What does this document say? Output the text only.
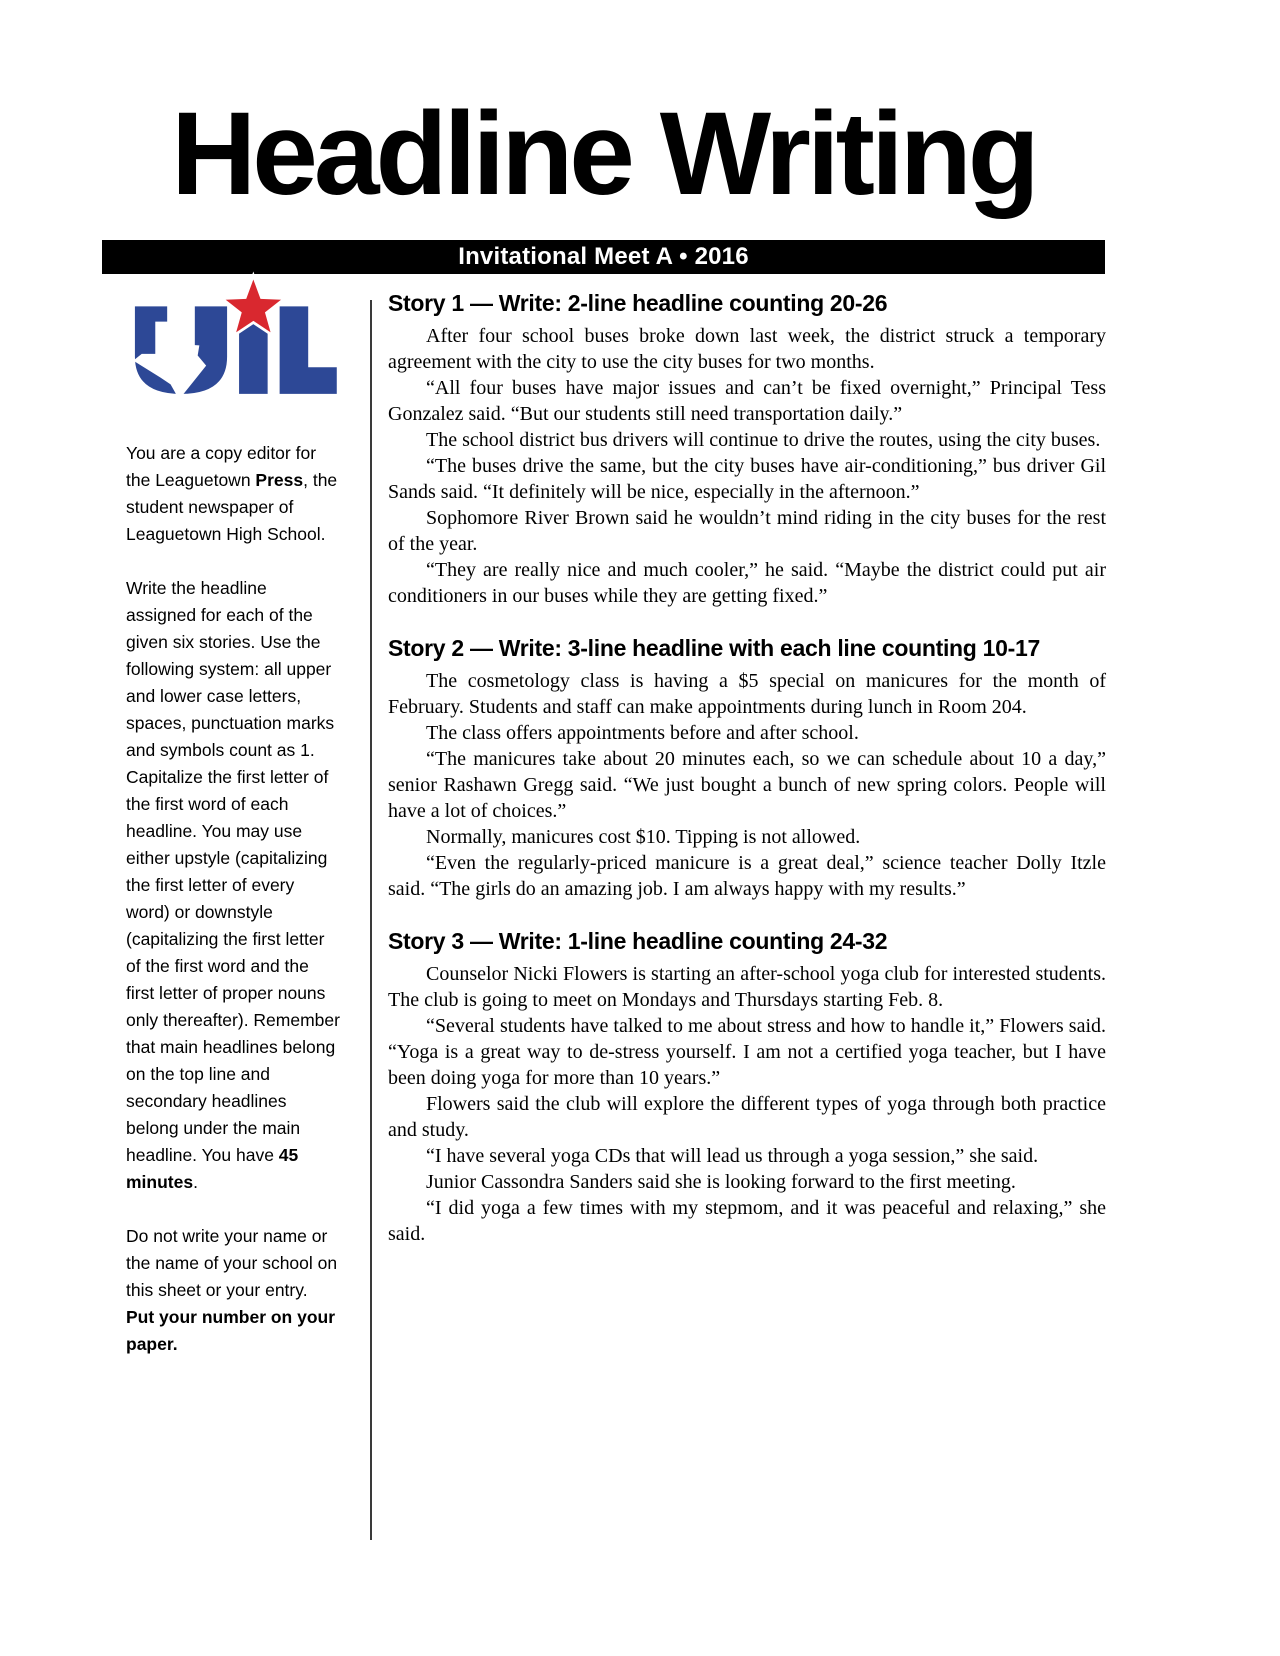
Headline Writing
Invitational Meet A • 2016

You are a copy editor for the Leaguetown Press, the student newspaper of Leaguetown High School.

Write the headline assigned for each of the given six stories. Use the following system: all upper and lower case letters, spaces, punctuation marks and symbols count as 1. Capitalize the first letter of the first word of each headline. You may use either upstyle (capitalizing the first letter of every word) or downstyle (capitalizing the first letter of the first word and the first letter of proper nouns only thereafter). Remember that main headlines belong on the top line and secondary headlines belong under the main headline. You have 45 minutes.

Do not write your name or the name of your school on this sheet or your entry. Put your number on your paper.

Story 1 — Write: 2-line headline counting 20-26

After four school buses broke down last week, the district struck a temporary agreement with the city to use the city buses for two months.

“All four buses have major issues and can’t be fixed overnight,” Principal Tess Gonzalez said. “But our students still need transportation daily.”

The school district bus drivers will continue to drive the routes, using the city buses.

“The buses drive the same, but the city buses have air-conditioning,” bus driver Gil Sands said. “It definitely will be nice, especially in the afternoon.”

Sophomore River Brown said he wouldn’t mind riding in the city buses for the rest of the year.

“They are really nice and much cooler,” he said. “Maybe the district could put air conditioners in our buses while they are getting fixed.”

Story 2 — Write: 3-line headline with each line counting 10-17

The cosmetology class is having a $5 special on manicures for the month of February. Students and staff can make appointments during lunch in Room 204.

The class offers appointments before and after school.

“The manicures take about 20 minutes each, so we can schedule about 10 a day,” senior Rashawn Gregg said. “We just bought a bunch of new spring colors. People will have a lot of choices.”

Normally, manicures cost $10. Tipping is not allowed.

“Even the regularly-priced manicure is a great deal,” science teacher Dolly Itzle said. “The girls do an amazing job. I am always happy with my results.”

Story 3 — Write: 1-line headline counting 24-32

Counselor Nicki Flowers is starting an after-school yoga club for interested students. The club is going to meet on Mondays and Thursdays starting Feb. 8.

“Several students have talked to me about stress and how to handle it,” Flowers said. “Yoga is a great way to de-stress yourself. I am not a certified yoga teacher, but I have been doing yoga for more than 10 years.”

Flowers said the club will explore the different types of yoga through both practice and study.

“I have several yoga CDs that will lead us through a yoga session,” she said.

Junior Cassondra Sanders said she is looking forward to the first meeting.

“I did yoga a few times with my stepmom, and it was peaceful and relaxing,” she said.
